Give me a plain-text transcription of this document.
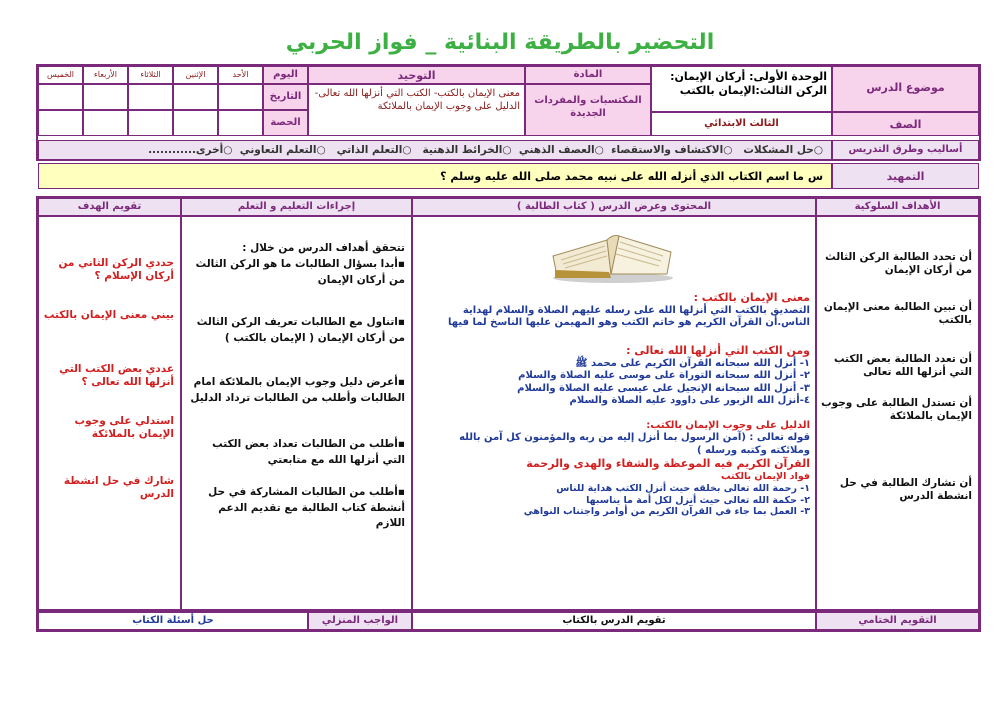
التحضير بالطريقة البنائية _ فواز الحربي
موضوع الدرس
الوحدة الأولى: أركان الإيمان:
الركن الثالث:الإيمان بالكتب
المادة
المكتسبات والمفردات الجديدة
التوحيد
معنى الإيمان بالكتب- الكتب التي أنزلها الله تعالى- الدليل على وجوب الإيمان بالملائكة
اليوم
التاريخ
الحصة
الأحد
الإثنين
الثلاثاء
الأربعاء
الخميس
الصف
الثالث الابتدائي
أساليب وطرق التدريس
○حل المشكلات   ○الاكتشاف والاستقصاء  ○العصف الذهني  ○الخرائط الذهنية   ○التعلم الذاتي   ○التعلم التعاوني  ○أخرى............
التمهيد
س ما اسم الكتاب الذي أنزله الله على نبيه محمد صلى الله عليه وسلم ؟
الأهداف السلوكية
المحتوى وعرض الدرس ( كتاب الطالبة )
إجراءات التعليم و التعلم
تقويم الهدف
أن تحدد الطالبة الركن الثالث من أركان الإيمان
أن تبين الطالبة معنى الإيمان بالكتب
أن تعدد الطالبة بعض الكتب التي أنزلها الله تعالى
أن تستدل الطالبة على وجوب الإيمان بالملائكة
أن تشارك الطالبة في حل انشطة الدرس
معنى الإيمان بالكتب :
التصديق بالكتب التي أنزلها الله على رسله عليهم الصلاة والسلام لهداية الناس.أن القرآن الكريم هو خاتم الكتب وهو المهيمن عليها الناسخ لما فيها
ومن الكتب التي أنزلها الله تعالى :
١- أنزل الله سبحانه القرآن الكريم على محمد ﷺ
٢- أنزل الله سبحانه التوراة على موسى عليه الصلاة والسلام
٣- أنزل الله سبحانه الإنجيل على عيسى عليه الصلاة والسلام
٤-أنزل الله الزبور على داوود عليه الصلاة والسلام
الدليل على وجوب الإيمان بالكتب:
قوله تعالى : (آمن الرسول بما أنزل إليه من ربه والمؤمنون كل آمن بالله وملائكته وكتبه ورسله )
القرآن الكريم فيه الموعظة والشفاء والهدى والرحمة
فواد الإيمان بالكتب
١- رحمة الله تعالى بخلقه حيث أنزل الكتب هداية للناس
٢- حكمة الله تعالى حيث أنزل لكل أمة ما يناسبها
٣- العمل بما جاء في القرآن الكريم من أوامر واجتناب النواهي
تتحقق أهداف الدرس من خلال :
▪أبدا بسؤال الطالبات ما هو الركن الثالث من أركان الإيمان
▪اتناول مع الطالبات تعريف الركن الثالث من أركان الإيمان ( الإيمان بالكتب )
▪أعرض دليل وجوب الإيمان بالملائكة امام الطالبات وأطلب من الطالبات ترداد الدليل
▪أطلب من الطالبات تعداد بعض الكتب التي أنزلها الله مع متابعتي
▪أطلب من الطالبات المشاركة في حل أنشطة كتاب الطالبة مع تقديم الدعم اللازم
حددي الركن الثاني من أركان الإسلام ؟
بيني معنى الإيمان بالكتب
عددي بعض الكتب التي أنزلها الله تعالى ؟
استدلي على وجوب الإيمان بالملائكة
شارك في حل انشطة الدرس
التقويم الختامي
تقويم الدرس بالكتاب
الواجب المنزلي
حل أسئلة الكتاب
